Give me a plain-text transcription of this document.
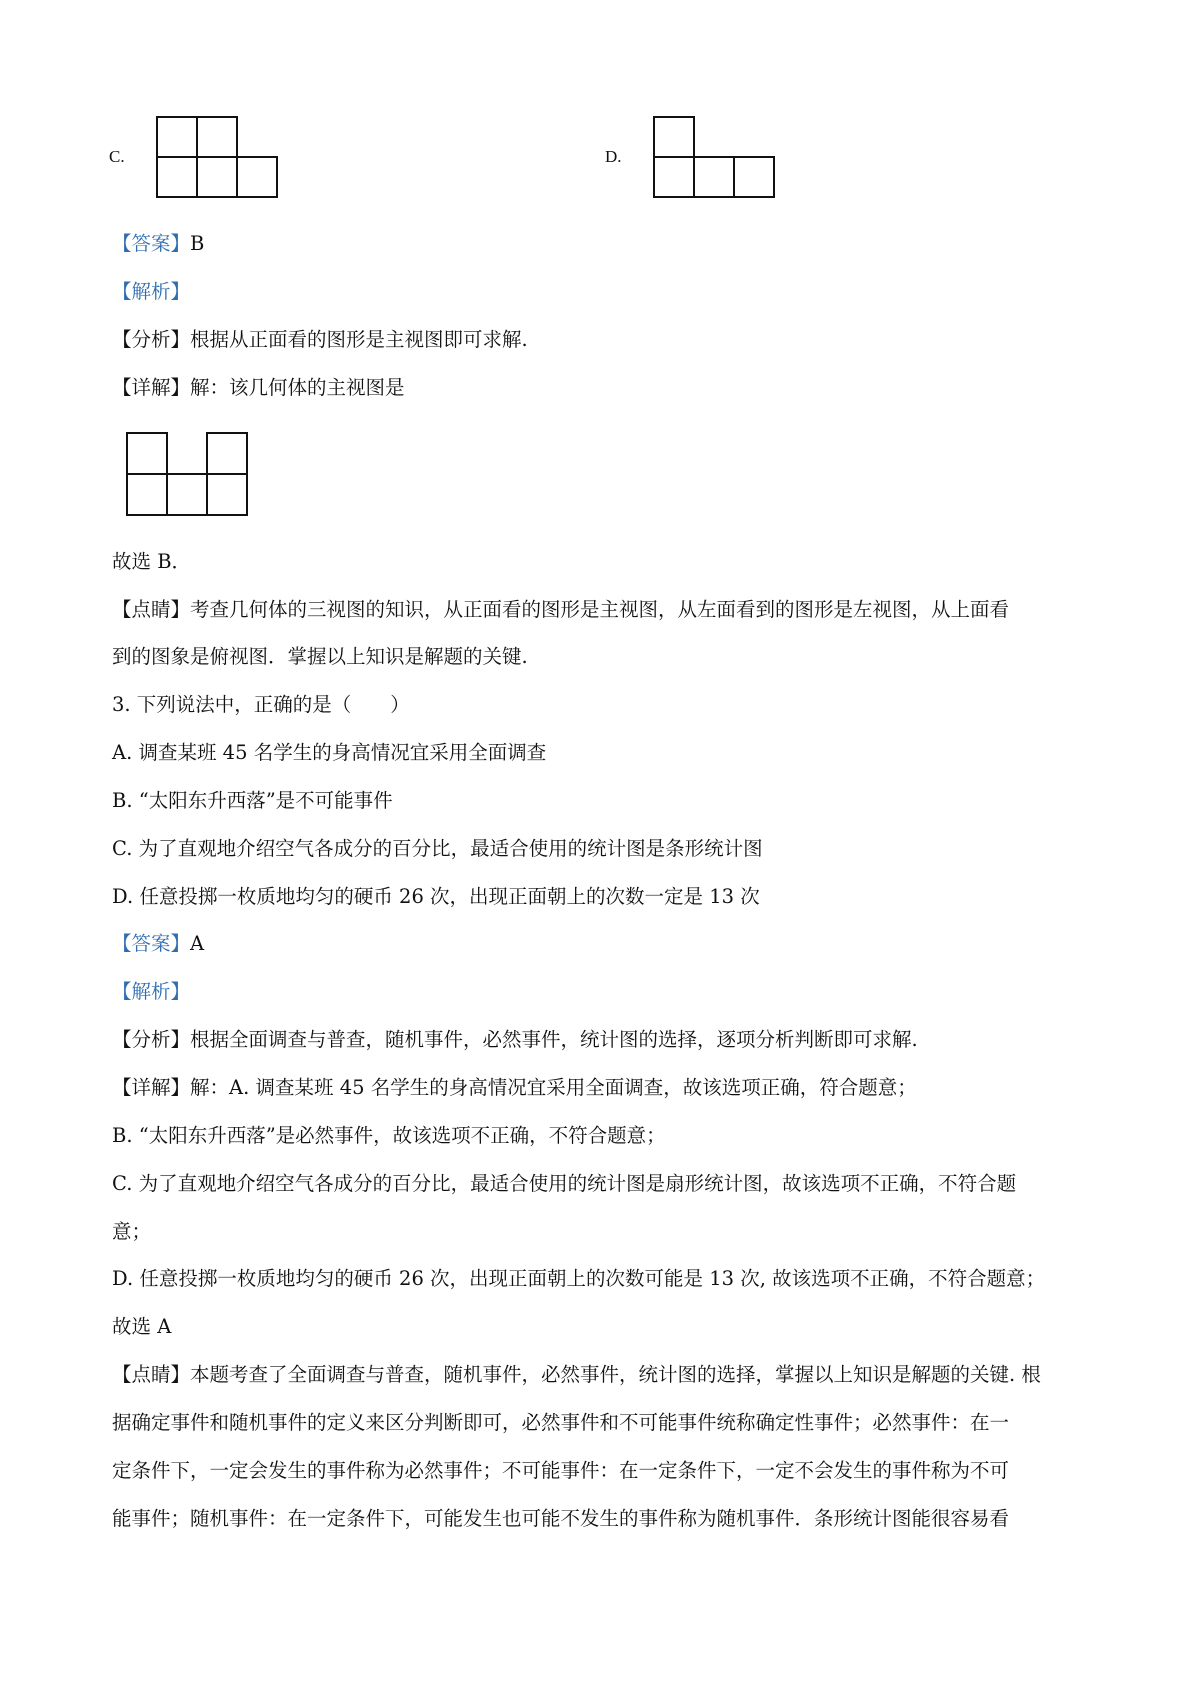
C.	D.
【答案】B
【解析】
【分析】根据从正面看的图形是主视图即可求解.
【详解】解：该几何体的主视图是
故选 B．
【点睛】考查几何体的三视图的知识，从正面看的图形是主视图，从左面看到的图形是左视图，从上面看
到的图象是俯视图．掌握以上知识是解题的关键.
3. 下列说法中，正确的是（　　）
A. 调查某班 45 名学生的身高情况宜采用全面调查
B. “太阳东升西落”是不可能事件
C. 为了直观地介绍空气各成分的百分比，最适合使用的统计图是条形统计图
D. 任意投掷一枚质地均匀的硬币 26 次，出现正面朝上的次数一定是 13 次
【答案】A
【解析】
【分析】根据全面调查与普查，随机事件，必然事件，统计图的选择，逐项分析判断即可求解.
【详解】解：A. 调查某班 45 名学生的身高情况宜采用全面调查，故该选项正确，符合题意；
B. “太阳东升西落”是必然事件，故该选项不正确，不符合题意；
C. 为了直观地介绍空气各成分的百分比，最适合使用的统计图是扇形统计图，故该选项不正确，不符合题
意；
D. 任意投掷一枚质地均匀的硬币 26 次，出现正面朝上的次数可能是 13 次, 故该选项不正确，不符合题意；
故选 A
【点睛】本题考查了全面调查与普查，随机事件，必然事件，统计图的选择，掌握以上知识是解题的关键. 根
据确定事件和随机事件的定义来区分判断即可，必然事件和不可能事件统称确定性事件；必然事件：在一
定条件下，一定会发生的事件称为必然事件；不可能事件：在一定条件下，一定不会发生的事件称为不可
能事件；随机事件：在一定条件下，可能发生也可能不发生的事件称为随机事件．条形统计图能很容易看
